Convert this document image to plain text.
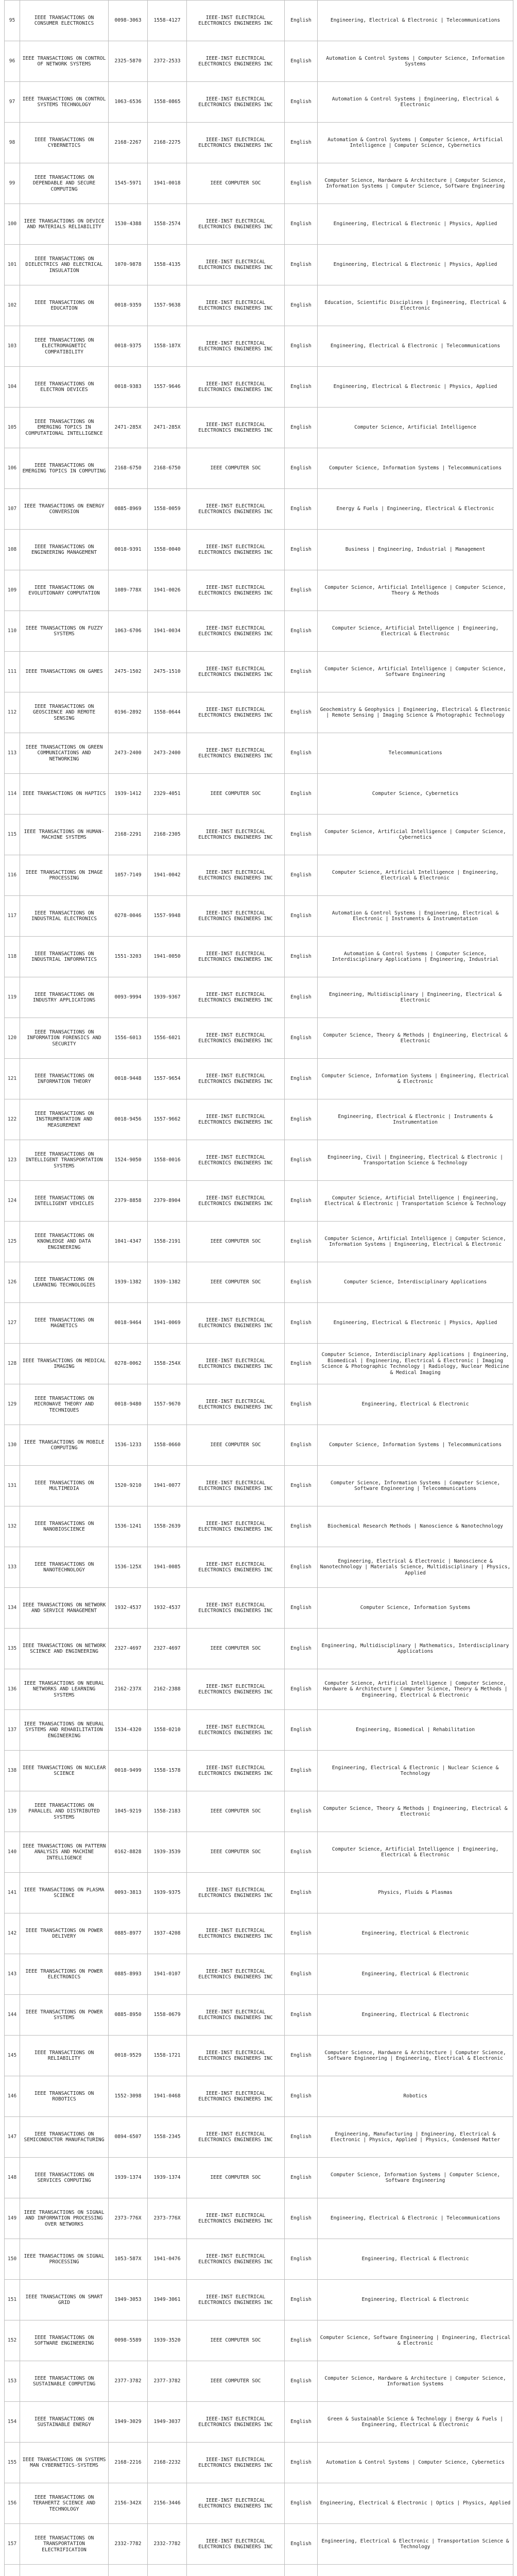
95	IEEE TRANSACTIONS ON CONSUMER ELECTRONICS	0098-3063	1558-4127	IEEE-INST ELECTRICAL ELECTRONICS ENGINEERS INC	English	Engineering, Electrical & Electronic | Telecommunications
96	IEEE TRANSACTIONS ON CONTROL OF NETWORK SYSTEMS	2325-5870	2372-2533	IEEE-INST ELECTRICAL ELECTRONICS ENGINEERS INC	English	Automation & Control Systems | Computer Science, Information Systems
97	IEEE TRANSACTIONS ON CONTROL SYSTEMS TECHNOLOGY	1063-6536	1558-0865	IEEE-INST ELECTRICAL ELECTRONICS ENGINEERS INC	English	Automation & Control Systems | Engineering, Electrical & Electronic
98	IEEE TRANSACTIONS ON CYBERNETICS	2168-2267	2168-2275	IEEE-INST ELECTRICAL ELECTRONICS ENGINEERS INC	English	Automation & Control Systems | Computer Science, Artificial Intelligence | Computer Science, Cybernetics
99	IEEE TRANSACTIONS ON DEPENDABLE AND SECURE COMPUTING	1545-5971	1941-0018	IEEE COMPUTER SOC	English	Computer Science, Hardware & Architecture | Computer Science, Information Systems | Computer Science, Software Engineering
100	IEEE TRANSACTIONS ON DEVICE AND MATERIALS RELIABILITY	1530-4388	1558-2574	IEEE-INST ELECTRICAL ELECTRONICS ENGINEERS INC	English	Engineering, Electrical & Electronic | Physics, Applied
101	IEEE TRANSACTIONS ON DIELECTRICS AND ELECTRICAL INSULATION	1070-9878	1558-4135	IEEE-INST ELECTRICAL ELECTRONICS ENGINEERS INC	English	Engineering, Electrical & Electronic | Physics, Applied
102	IEEE TRANSACTIONS ON EDUCATION	0018-9359	1557-9638	IEEE-INST ELECTRICAL ELECTRONICS ENGINEERS INC	English	Education, Scientific Disciplines | Engineering, Electrical & Electronic
103	IEEE TRANSACTIONS ON ELECTROMAGNETIC COMPATIBILITY	0018-9375	1558-187X	IEEE-INST ELECTRICAL ELECTRONICS ENGINEERS INC	English	Engineering, Electrical & Electronic | Telecommunications
104	IEEE TRANSACTIONS ON ELECTRON DEVICES	0018-9383	1557-9646	IEEE-INST ELECTRICAL ELECTRONICS ENGINEERS INC	English	Engineering, Electrical & Electronic | Physics, Applied
105	IEEE TRANSACTIONS ON EMERGING TOPICS IN COMPUTATIONAL INTELLIGENCE	2471-285X	2471-285X	IEEE-INST ELECTRICAL ELECTRONICS ENGINEERS INC	English	Computer Science, Artificial Intelligence
106	IEEE TRANSACTIONS ON EMERGING TOPICS IN COMPUTING	2168-6750	2168-6750	IEEE COMPUTER SOC	English	Computer Science, Information Systems | Telecommunications
107	IEEE TRANSACTIONS ON ENERGY CONVERSION	0885-8969	1558-0059	IEEE-INST ELECTRICAL ELECTRONICS ENGINEERS INC	English	Energy & Fuels | Engineering, Electrical & Electronic
108	IEEE TRANSACTIONS ON ENGINEERING MANAGEMENT	0018-9391	1558-0040	IEEE-INST ELECTRICAL ELECTRONICS ENGINEERS INC	English	Business | Engineering, Industrial | Management
109	IEEE TRANSACTIONS ON EVOLUTIONARY COMPUTATION	1089-778X	1941-0026	IEEE-INST ELECTRICAL ELECTRONICS ENGINEERS INC	English	Computer Science, Artificial Intelligence | Computer Science, Theory & Methods
110	IEEE TRANSACTIONS ON FUZZY SYSTEMS	1063-6706	1941-0034	IEEE-INST ELECTRICAL ELECTRONICS ENGINEERS INC	English	Computer Science, Artificial Intelligence | Engineering, Electrical & Electronic
111	IEEE TRANSACTIONS ON GAMES	2475-1502	2475-1510	IEEE-INST ELECTRICAL ELECTRONICS ENGINEERS INC	English	Computer Science, Artificial Intelligence | Computer Science, Software Engineering
112	IEEE TRANSACTIONS ON GEOSCIENCE AND REMOTE SENSING	0196-2892	1558-0644	IEEE-INST ELECTRICAL ELECTRONICS ENGINEERS INC	English	Geochemistry & Geophysics | Engineering, Electrical & Electronic | Remote Sensing | Imaging Science & Photographic Technology
113	IEEE TRANSACTIONS ON GREEN COMMUNICATIONS AND NETWORKING	2473-2400	2473-2400	IEEE-INST ELECTRICAL ELECTRONICS ENGINEERS INC	English	Telecommunications
114	IEEE TRANSACTIONS ON HAPTICS	1939-1412	2329-4051	IEEE COMPUTER SOC	English	Computer Science, Cybernetics
115	IEEE TRANSACTIONS ON HUMAN-MACHINE SYSTEMS	2168-2291	2168-2305	IEEE-INST ELECTRICAL ELECTRONICS ENGINEERS INC	English	Computer Science, Artificial Intelligence | Computer Science, Cybernetics
116	IEEE TRANSACTIONS ON IMAGE PROCESSING	1057-7149	1941-0042	IEEE-INST ELECTRICAL ELECTRONICS ENGINEERS INC	English	Computer Science, Artificial Intelligence | Engineering, Electrical & Electronic
117	IEEE TRANSACTIONS ON INDUSTRIAL ELECTRONICS	0278-0046	1557-9948	IEEE-INST ELECTRICAL ELECTRONICS ENGINEERS INC	English	Automation & Control Systems | Engineering, Electrical & Electronic | Instruments & Instrumentation
118	IEEE TRANSACTIONS ON INDUSTRIAL INFORMATICS	1551-3203	1941-0050	IEEE-INST ELECTRICAL ELECTRONICS ENGINEERS INC	English	Automation & Control Systems | Computer Science, Interdisciplinary Applications | Engineering, Industrial
119	IEEE TRANSACTIONS ON INDUSTRY APPLICATIONS	0093-9994	1939-9367	IEEE-INST ELECTRICAL ELECTRONICS ENGINEERS INC	English	Engineering, Multidisciplinary | Engineering, Electrical & Electronic
120	IEEE TRANSACTIONS ON INFORMATION FORENSICS AND SECURITY	1556-6013	1556-6021	IEEE-INST ELECTRICAL ELECTRONICS ENGINEERS INC	English	Computer Science, Theory & Methods | Engineering, Electrical & Electronic
121	IEEE TRANSACTIONS ON INFORMATION THEORY	0018-9448	1557-9654	IEEE-INST ELECTRICAL ELECTRONICS ENGINEERS INC	English	Computer Science, Information Systems | Engineering, Electrical & Electronic
122	IEEE TRANSACTIONS ON INSTRUMENTATION AND MEASUREMENT	0018-9456	1557-9662	IEEE-INST ELECTRICAL ELECTRONICS ENGINEERS INC	English	Engineering, Electrical & Electronic | Instruments & Instrumentation
123	IEEE TRANSACTIONS ON INTELLIGENT TRANSPORTATION SYSTEMS	1524-9050	1558-0016	IEEE-INST ELECTRICAL ELECTRONICS ENGINEERS INC	English	Engineering, Civil | Engineering, Electrical & Electronic | Transportation Science & Technology
124	IEEE TRANSACTIONS ON INTELLIGENT VEHICLES	2379-8858	2379-8904	IEEE-INST ELECTRICAL ELECTRONICS ENGINEERS INC	English	Computer Science, Artificial Intelligence | Engineering, Electrical & Electronic | Transportation Science & Technology
125	IEEE TRANSACTIONS ON KNOWLEDGE AND DATA ENGINEERING	1041-4347	1558-2191	IEEE COMPUTER SOC	English	Computer Science, Artificial Intelligence | Computer Science, Information Systems | Engineering, Electrical & Electronic
126	IEEE TRANSACTIONS ON LEARNING TECHNOLOGIES	1939-1382	1939-1382	IEEE COMPUTER SOC	English	Computer Science, Interdisciplinary Applications
127	IEEE TRANSACTIONS ON MAGNETICS	0018-9464	1941-0069	IEEE-INST ELECTRICAL ELECTRONICS ENGINEERS INC	English	Engineering, Electrical & Electronic | Physics, Applied
128	IEEE TRANSACTIONS ON MEDICAL IMAGING	0278-0062	1558-254X	IEEE-INST ELECTRICAL ELECTRONICS ENGINEERS INC	English	Computer Science, Interdisciplinary Applications | Engineering, Biomedical | Engineering, Electrical & Electronic | Imaging Science & Photographic Technology | Radiology, Nuclear Medicine & Medical Imaging
129	IEEE TRANSACTIONS ON MICROWAVE THEORY AND TECHNIQUES	0018-9480	1557-9670	IEEE-INST ELECTRICAL ELECTRONICS ENGINEERS INC	English	Engineering, Electrical & Electronic
130	IEEE TRANSACTIONS ON MOBILE COMPUTING	1536-1233	1558-0660	IEEE COMPUTER SOC	English	Computer Science, Information Systems | Telecommunications
131	IEEE TRANSACTIONS ON MULTIMEDIA	1520-9210	1941-0077	IEEE-INST ELECTRICAL ELECTRONICS ENGINEERS INC	English	Computer Science, Information Systems | Computer Science, Software Engineering | Telecommunications
132	IEEE TRANSACTIONS ON NANOBIOSCIENCE	1536-1241	1558-2639	IEEE-INST ELECTRICAL ELECTRONICS ENGINEERS INC	English	Biochemical Research Methods | Nanoscience & Nanotechnology
133	IEEE TRANSACTIONS ON NANOTECHNOLOGY	1536-125X	1941-0085	IEEE-INST ELECTRICAL ELECTRONICS ENGINEERS INC	English	Engineering, Electrical & Electronic | Nanoscience & Nanotechnology | Materials Science, Multidisciplinary | Physics, Applied
134	IEEE TRANSACTIONS ON NETWORK AND SERVICE MANAGEMENT	1932-4537	1932-4537	IEEE-INST ELECTRICAL ELECTRONICS ENGINEERS INC	English	Computer Science, Information Systems
135	IEEE TRANSACTIONS ON NETWORK SCIENCE AND ENGINEERING	2327-4697	2327-4697	IEEE COMPUTER SOC	English	Engineering, Multidisciplinary | Mathematics, Interdisciplinary Applications
136	IEEE TRANSACTIONS ON NEURAL NETWORKS AND LEARNING SYSTEMS	2162-237X	2162-2388	IEEE-INST ELECTRICAL ELECTRONICS ENGINEERS INC	English	Computer Science, Artificial Intelligence | Computer Science, Hardware & Architecture | Computer Science, Theory & Methods | Engineering, Electrical & Electronic
137	IEEE TRANSACTIONS ON NEURAL SYSTEMS AND REHABILITATION ENGINEERING	1534-4320	1558-0210	IEEE-INST ELECTRICAL ELECTRONICS ENGINEERS INC	English	Engineering, Biomedical | Rehabilitation
138	IEEE TRANSACTIONS ON NUCLEAR SCIENCE	0018-9499	1558-1578	IEEE-INST ELECTRICAL ELECTRONICS ENGINEERS INC	English	Engineering, Electrical & Electronic | Nuclear Science & Technology
139	IEEE TRANSACTIONS ON PARALLEL AND DISTRIBUTED SYSTEMS	1045-9219	1558-2183	IEEE COMPUTER SOC	English	Computer Science, Theory & Methods | Engineering, Electrical & Electronic
140	IEEE TRANSACTIONS ON PATTERN ANALYSIS AND MACHINE INTELLIGENCE	0162-8828	1939-3539	IEEE COMPUTER SOC	English	Computer Science, Artificial Intelligence | Engineering, Electrical & Electronic
141	IEEE TRANSACTIONS ON PLASMA SCIENCE	0093-3813	1939-9375	IEEE-INST ELECTRICAL ELECTRONICS ENGINEERS INC	English	Physics, Fluids & Plasmas
142	IEEE TRANSACTIONS ON POWER DELIVERY	0885-8977	1937-4208	IEEE-INST ELECTRICAL ELECTRONICS ENGINEERS INC	English	Engineering, Electrical & Electronic
143	IEEE TRANSACTIONS ON POWER ELECTRONICS	0885-8993	1941-0107	IEEE-INST ELECTRICAL ELECTRONICS ENGINEERS INC	English	Engineering, Electrical & Electronic
144	IEEE TRANSACTIONS ON POWER SYSTEMS	0885-8950	1558-0679	IEEE-INST ELECTRICAL ELECTRONICS ENGINEERS INC	English	Engineering, Electrical & Electronic
145	IEEE TRANSACTIONS ON RELIABILITY	0018-9529	1558-1721	IEEE-INST ELECTRICAL ELECTRONICS ENGINEERS INC	English	Computer Science, Hardware & Architecture | Computer Science, Software Engineering | Engineering, Electrical & Electronic
146	IEEE TRANSACTIONS ON ROBOTICS	1552-3098	1941-0468	IEEE-INST ELECTRICAL ELECTRONICS ENGINEERS INC	English	Robotics
147	IEEE TRANSACTIONS ON SEMICONDUCTOR MANUFACTURING	0894-6507	1558-2345	IEEE-INST ELECTRICAL ELECTRONICS ENGINEERS INC	English	Engineering, Manufacturing | Engineering, Electrical & Electronic | Physics, Applied | Physics, Condensed Matter
148	IEEE TRANSACTIONS ON SERVICES COMPUTING	1939-1374	1939-1374	IEEE COMPUTER SOC	English	Computer Science, Information Systems | Computer Science, Software Engineering
149	IEEE TRANSACTIONS ON SIGNAL AND INFORMATION PROCESSING OVER NETWORKS	2373-776X	2373-776X	IEEE-INST ELECTRICAL ELECTRONICS ENGINEERS INC	English	Engineering, Electrical & Electronic | Telecommunications
150	IEEE TRANSACTIONS ON SIGNAL PROCESSING	1053-587X	1941-0476	IEEE-INST ELECTRICAL ELECTRONICS ENGINEERS INC	English	Engineering, Electrical & Electronic
151	IEEE TRANSACTIONS ON SMART GRID	1949-3053	1949-3061	IEEE-INST ELECTRICAL ELECTRONICS ENGINEERS INC	English	Engineering, Electrical & Electronic
152	IEEE TRANSACTIONS ON SOFTWARE ENGINEERING	0098-5589	1939-3520	IEEE COMPUTER SOC	English	Computer Science, Software Engineering | Engineering, Electrical & Electronic
153	IEEE TRANSACTIONS ON SUSTAINABLE COMPUTING	2377-3782	2377-3782	IEEE COMPUTER SOC	English	Computer Science, Hardware & Architecture | Computer Science, Information Systems
154	IEEE TRANSACTIONS ON SUSTAINABLE ENERGY	1949-3029	1949-3037	IEEE-INST ELECTRICAL ELECTRONICS ENGINEERS INC	English	Green & Sustainable Science & Technology | Energy & Fuels | Engineering, Electrical & Electronic
155	IEEE TRANSACTIONS ON SYSTEMS MAN CYBERNETICS-SYSTEMS	2168-2216	2168-2232	IEEE-INST ELECTRICAL ELECTRONICS ENGINEERS INC	English	Automation & Control Systems | Computer Science, Cybernetics
156	IEEE TRANSACTIONS ON TERAHERTZ SCIENCE AND TECHNOLOGY	2156-342X	2156-3446	IEEE-INST ELECTRICAL ELECTRONICS ENGINEERS INC	English	Engineering, Electrical & Electronic | Optics | Physics, Applied
157	IEEE TRANSACTIONS ON TRANSPORTATION ELECTRIFICATION	2332-7782	2332-7782	IEEE-INST ELECTRICAL ELECTRONICS ENGINEERS INC	English	Engineering, Electrical & Electronic | Transportation Science & Technology
